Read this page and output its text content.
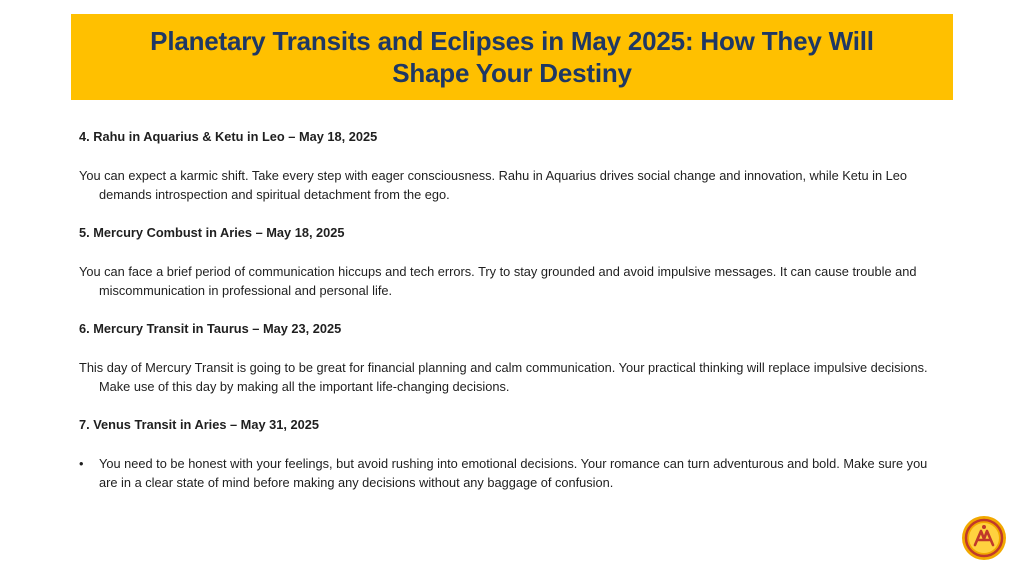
Planetary Transits and Eclipses in May 2025: How They Will Shape Your Destiny
4. Rahu in Aquarius & Ketu in Leo – May 18, 2025
You can expect a karmic shift. Take every step with eager consciousness. Rahu in Aquarius drives social change and innovation, while Ketu in Leo demands introspection and spiritual detachment from the ego.
5. Mercury Combust in Aries – May 18, 2025
You can face a brief period of communication hiccups and tech errors. Try to stay grounded and avoid impulsive messages. It can cause trouble and miscommunication in professional and personal life.
6. Mercury Transit in Taurus – May 23, 2025
This day of Mercury Transit is going to be great for financial planning and calm communication. Your practical thinking will replace impulsive decisions. Make use of this day by making all the important life-changing decisions.
7. Venus Transit in Aries – May 31, 2025
•	You need to be honest with your feelings, but avoid rushing into emotional decisions. Your romance can turn adventurous and bold. Make sure you are in a clear state of mind before making any decisions without any baggage of confusion.
